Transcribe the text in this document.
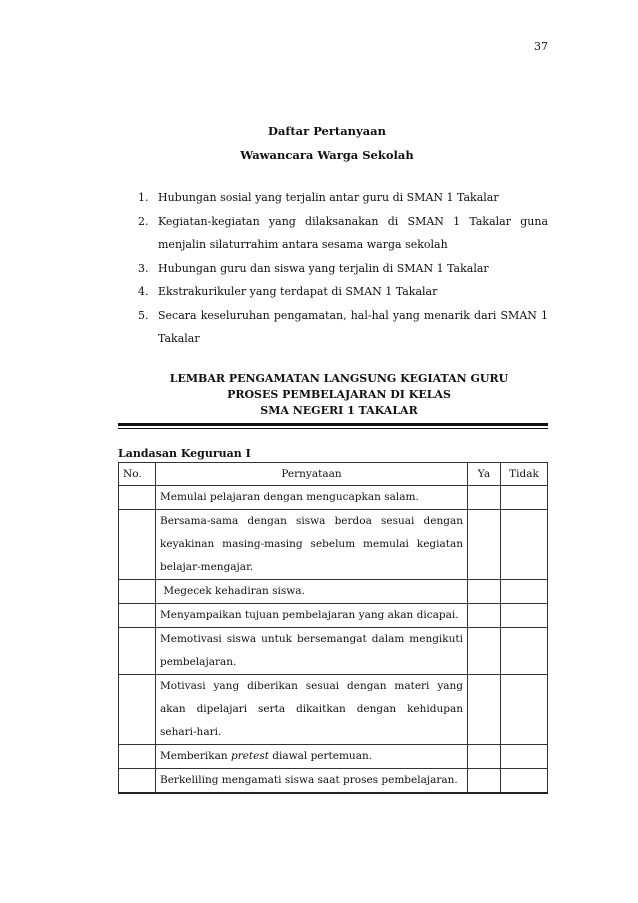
37
Daftar Pertanyaan
Wawancara Warga Sekolah
1. Hubungan sosial yang terjalin antar guru di SMAN 1 Takalar
2. Kegiatan-kegiatan yang dilaksanakan di SMAN 1 Takalar guna menjalin silaturrahim antara sesama warga sekolah
3. Hubungan guru dan siswa yang terjalin di SMAN 1 Takalar
4. Ekstrakurikuler yang terdapat di SMAN 1 Takalar
5. Secara keseluruhan pengamatan, hal-hal yang menarik dari SMAN 1 Takalar
LEMBAR PENGAMATAN LANGSUNG KEGIATAN GURU
PROSES PEMBELAJARAN DI KELAS
SMA NEGERI 1 TAKALAR
Landasan Keguruan I
No.	Pernyataan	Ya	Tidak
	Memulai pelajaran dengan mengucapkan salam.		
	Bersama-sama dengan siswa berdoa sesuai dengan keyakinan masing-masing sebelum memulai kegiatan belajar-mengajar.		
	Megecek kehadiran siswa.		
	Menyampaikan tujuan pembelajaran yang akan dicapai.		
	Memotivasi siswa untuk bersemangat dalam mengikuti pembelajaran.		
	Motivasi yang diberikan sesuai dengan materi yang akan dipelajari serta dikaitkan dengan kehidupan sehari-hari.		
	Memberikan pretest diawal pertemuan.		
	Berkeliling mengamati siswa saat proses pembelajaran.		
